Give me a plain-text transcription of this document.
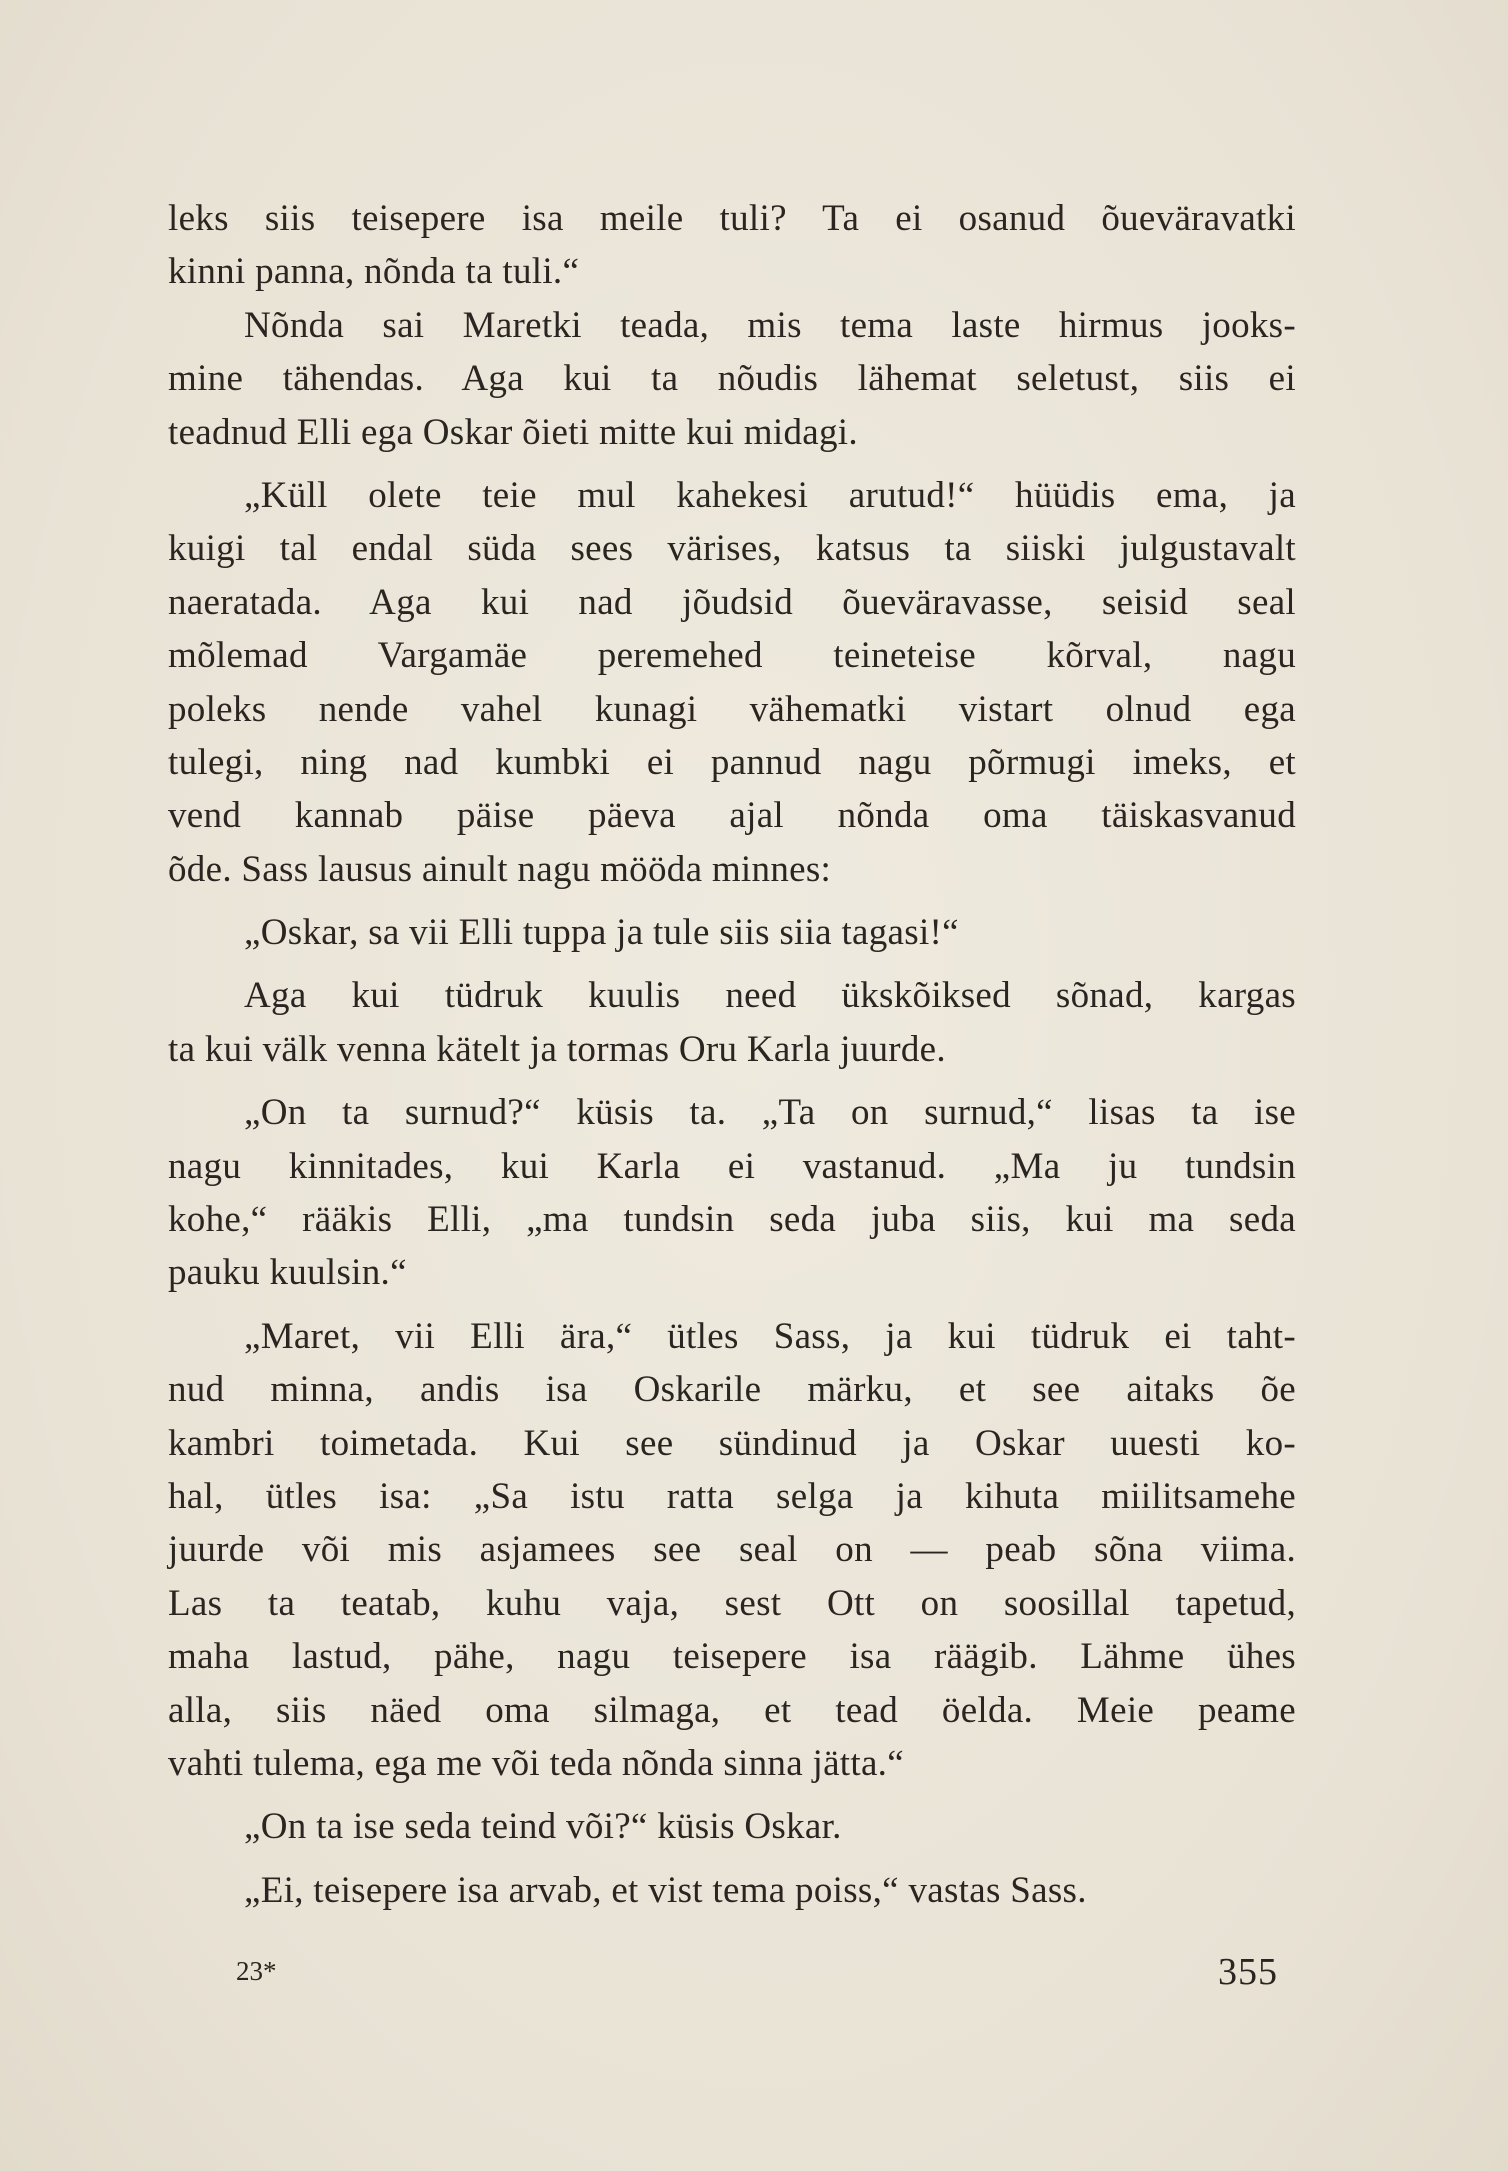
leks siis teisepere isa meile tuli? Ta ei osanud õueväravatki
kinni panna, nõnda ta tuli.“
Nõnda sai Maretki teada, mis tema laste hirmus jooks-
mine tähendas. Aga kui ta nõudis lähemat seletust, siis ei
teadnud Elli ega Oskar õieti mitte kui midagi.
„Küll olete teie mul kahekesi arutud!“ hüüdis ema, ja
kuigi tal endal süda sees värises, katsus ta siiski julgustavalt
naeratada. Aga kui nad jõudsid õueväravasse, seisid seal
mõlemad Vargamäe peremehed teineteise kõrval, nagu
poleks nende vahel kunagi vähematki vistart olnud ega
tulegi, ning nad kumbki ei pannud nagu põrmugi imeks, et
vend kannab päise päeva ajal nõnda oma täiskasvanud
õde. Sass lausus ainult nagu mööda minnes:
„Oskar, sa vii Elli tuppa ja tule siis siia tagasi!“
Aga kui tüdruk kuulis need ükskõiksed sõnad, kargas
ta kui välk venna kätelt ja tormas Oru Karla juurde.
„On ta surnud?“ küsis ta. „Ta on surnud,“ lisas ta ise
nagu kinnitades, kui Karla ei vastanud. „Ma ju tundsin
kohe,“ rääkis Elli, „ma tundsin seda juba siis, kui ma seda
pauku kuulsin.“
„Maret, vii Elli ära,“ ütles Sass, ja kui tüdruk ei taht-
nud minna, andis isa Oskarile märku, et see aitaks õe
kambri toimetada. Kui see sündinud ja Oskar uuesti ko-
hal, ütles isa: „Sa istu ratta selga ja kihuta miilitsamehe
juurde või mis asjamees see seal on — peab sõna viima.
Las ta teatab, kuhu vaja, sest Ott on soosillal tapetud,
maha lastud, pähe, nagu teisepere isa räägib. Lähme ühes
alla, siis näed oma silmaga, et tead öelda. Meie peame
vahti tulema, ega me või teda nõnda sinna jätta.“
„On ta ise seda teind või?“ küsis Oskar.
„Ei, teisepere isa arvab, et vist tema poiss,“ vastas Sass.
23*	355
